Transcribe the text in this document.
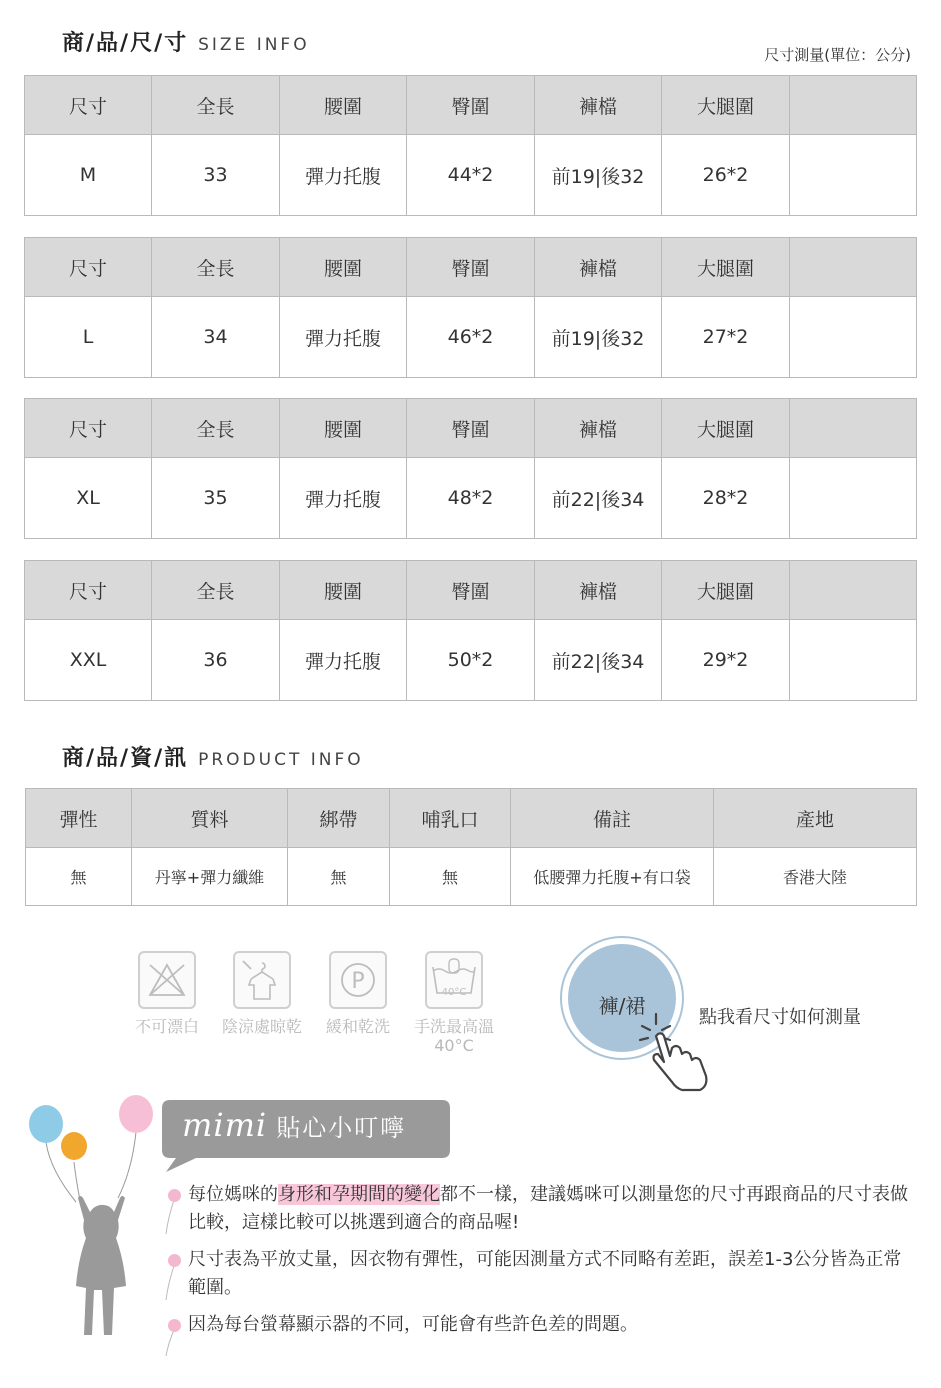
商/品/尺/寸 SIZE INFO	尺寸測量(單位：公分)
尺寸	全長	腰圍	臀圍	褲檔	大腿圍	
M	33	彈力托腹	44*2	前19|後32	26*2	
尺寸	全長	腰圍	臀圍	褲檔	大腿圍	
L	34	彈力托腹	46*2	前19|後32	27*2	
尺寸	全長	腰圍	臀圍	褲檔	大腿圍	
XL	35	彈力托腹	48*2	前22|後34	28*2	
尺寸	全長	腰圍	臀圍	褲檔	大腿圍	
XXL	36	彈力托腹	50*2	前22|後34	29*2	
商/品/資/訊 PRODUCT INFO
彈性	質料	綁帶	哺乳口	備註	產地
無	丹寧+彈力纖維	無	無	低腰彈力托腹+有口袋	香港大陸
不可漂白	陰涼處晾乾
P
緩和乾洗
40°C
手洗最高溫
40°C
褲/裙	點我看尺寸如何測量
mimi 貼心小叮嚀
每位媽咪的身形和孕期間的變化都不一樣，建議媽咪可以測量您的尺寸再跟商品的尺寸表做比較，這樣比較可以挑選到適合的商品喔!
尺寸表為平放丈量，因衣物有彈性，可能因測量方式不同略有差距，誤差1-3公分皆為正常範圍。
因為每台螢幕顯示器的不同，可能會有些許色差的問題。
